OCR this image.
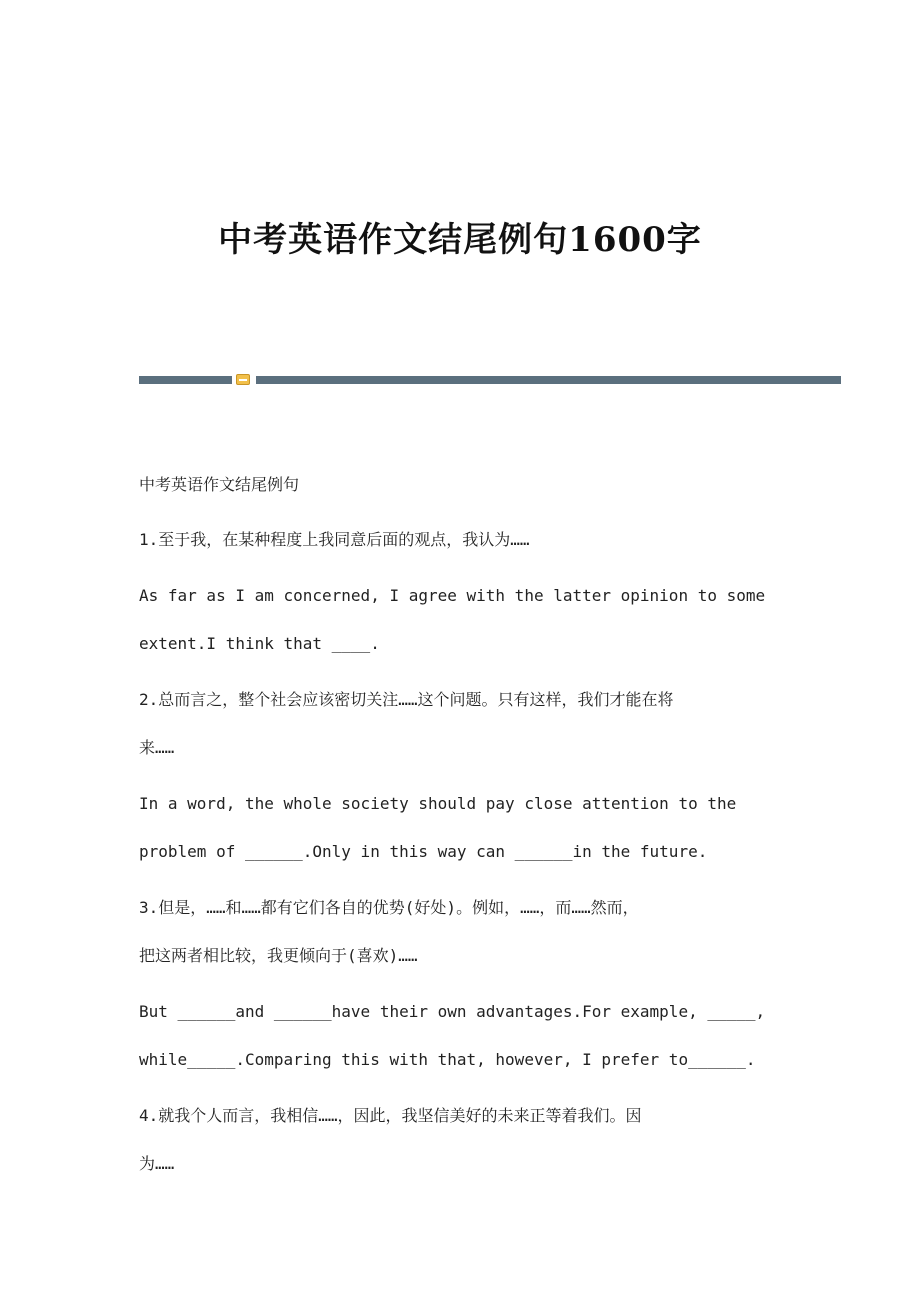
中考英语作文结尾例句1600字
中考英语作文结尾例句
1.至于我，在某种程度上我同意后面的观点，我认为……
As far as I am concerned, I agree with the latter opinion to some
extent.I think that ____.
2.总而言之，整个社会应该密切关注……这个问题。只有这样，我们才能在将
来……
In a word, the whole society should pay close attention to the
problem of ______.Only in this way can ______in the future.
3.但是，……和……都有它们各自的优势(好处)。例如，……，而……然而，
把这两者相比较，我更倾向于(喜欢)……
But ______and ______have their own advantages.For example, _____,
while_____.Comparing this with that, however, I prefer to______.
4.就我个人而言，我相信……，因此，我坚信美好的未来正等着我们。因
为……
